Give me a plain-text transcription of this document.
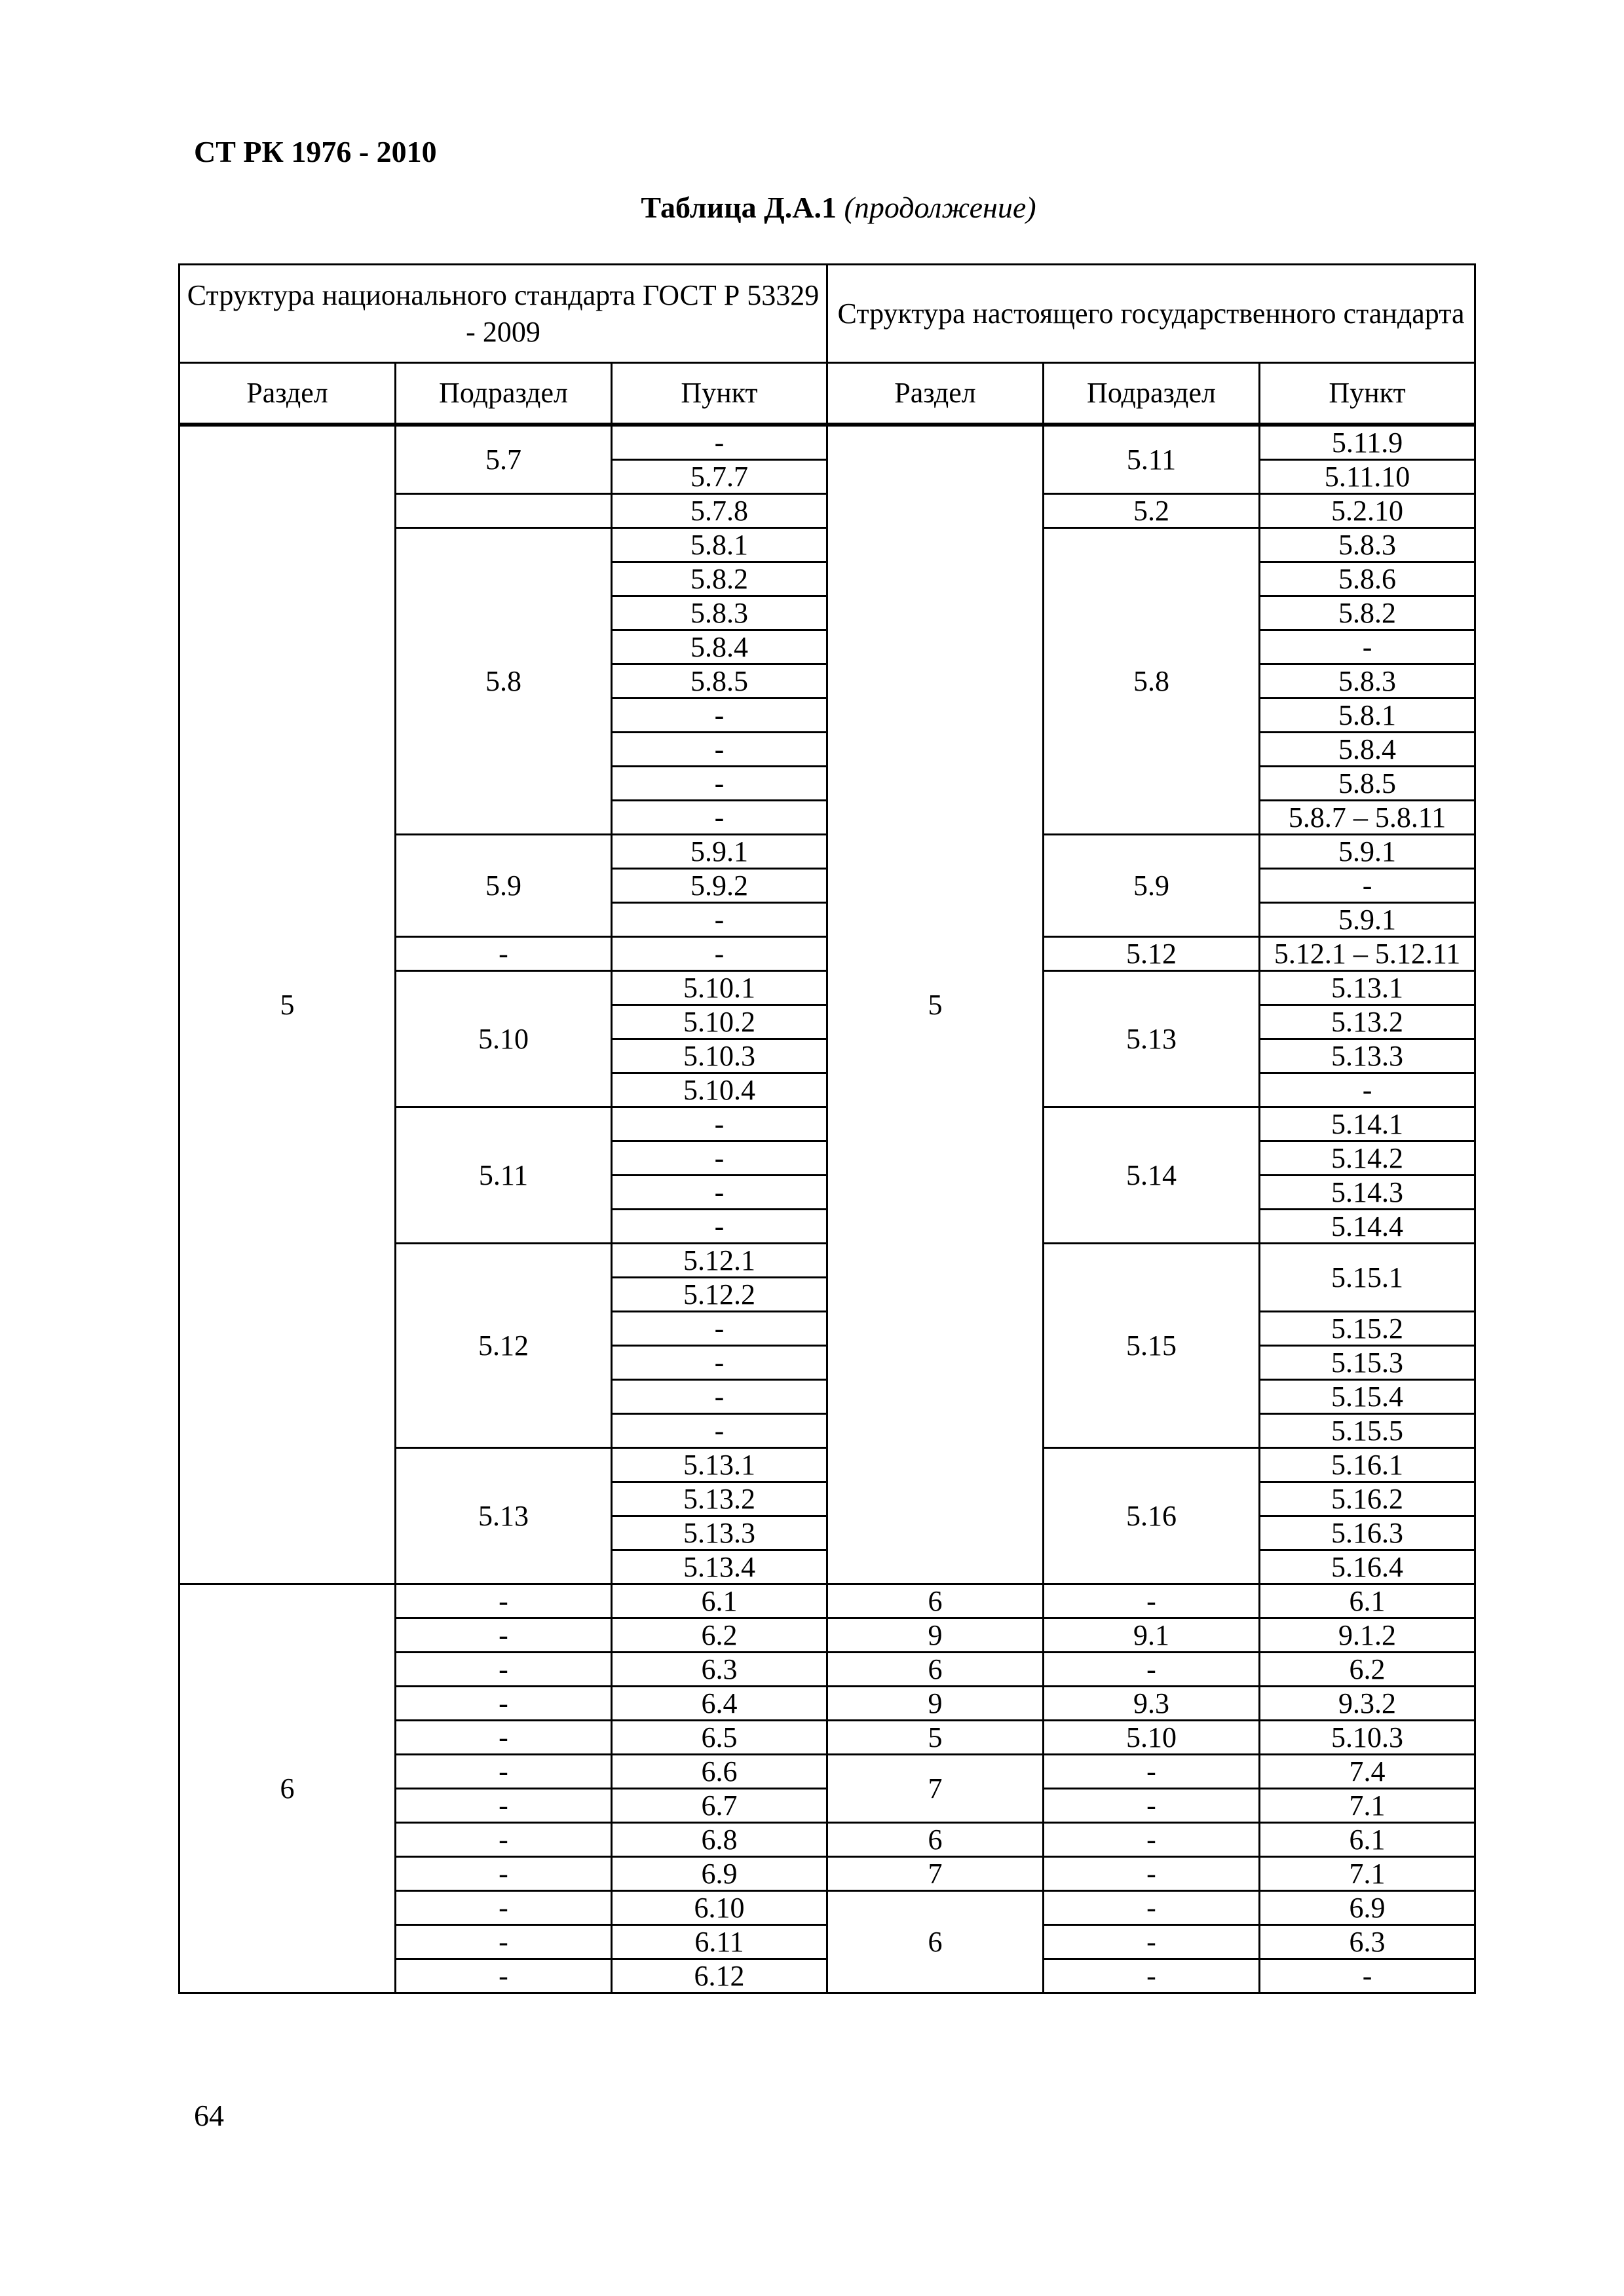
СТ РК 1976 - 2010
Таблица Д.А.1 (продолжение)
Структура национального стандарта ГОСТ Р 53329 - 2009			Структура настоящего государственного стандарта		
Раздел	Подраздел	Пункт	Раздел	Подраздел	Пункт
5	5.7	-	5	5.11	5.11.9
		5.7.7			5.11.10
		5.7.8		5.2	5.2.10
	5.8	5.8.1		5.8	5.8.3
		5.8.2			5.8.6
		5.8.3			5.8.2
		5.8.4			-
		5.8.5			5.8.3
		-			5.8.1
		-			5.8.4
		-			5.8.5
		-			5.8.7 – 5.8.11
	5.9	5.9.1		5.9	5.9.1
		5.9.2			-
		-			5.9.1
	-	-		5.12	5.12.1 – 5.12.11
	5.10	5.10.1		5.13	5.13.1
		5.10.2			5.13.2
		5.10.3			5.13.3
		5.10.4			-
	5.11	-		5.14	5.14.1
		-			5.14.2
		-			5.14.3
		-			5.14.4
	5.12	5.12.1		5.15	5.15.1
		5.12.2			
		-			5.15.2
		-			5.15.3
		-			5.15.4
		-			5.15.5
	5.13	5.13.1		5.16	5.16.1
		5.13.2			5.16.2
		5.13.3			5.16.3
		5.13.4			5.16.4
6	-	6.1	6	-	6.1
	-	6.2	9	9.1	9.1.2
	-	6.3	6	-	6.2
	-	6.4	9	9.3	9.3.2
	-	6.5	5	5.10	5.10.3
	-	6.6	7	-	7.4
	-	6.7		-	7.1
	-	6.8	6	-	6.1
	-	6.9	7	-	7.1
	-	6.10	6	-	6.9
	-	6.11		-	6.3
	-	6.12		-	-
64
